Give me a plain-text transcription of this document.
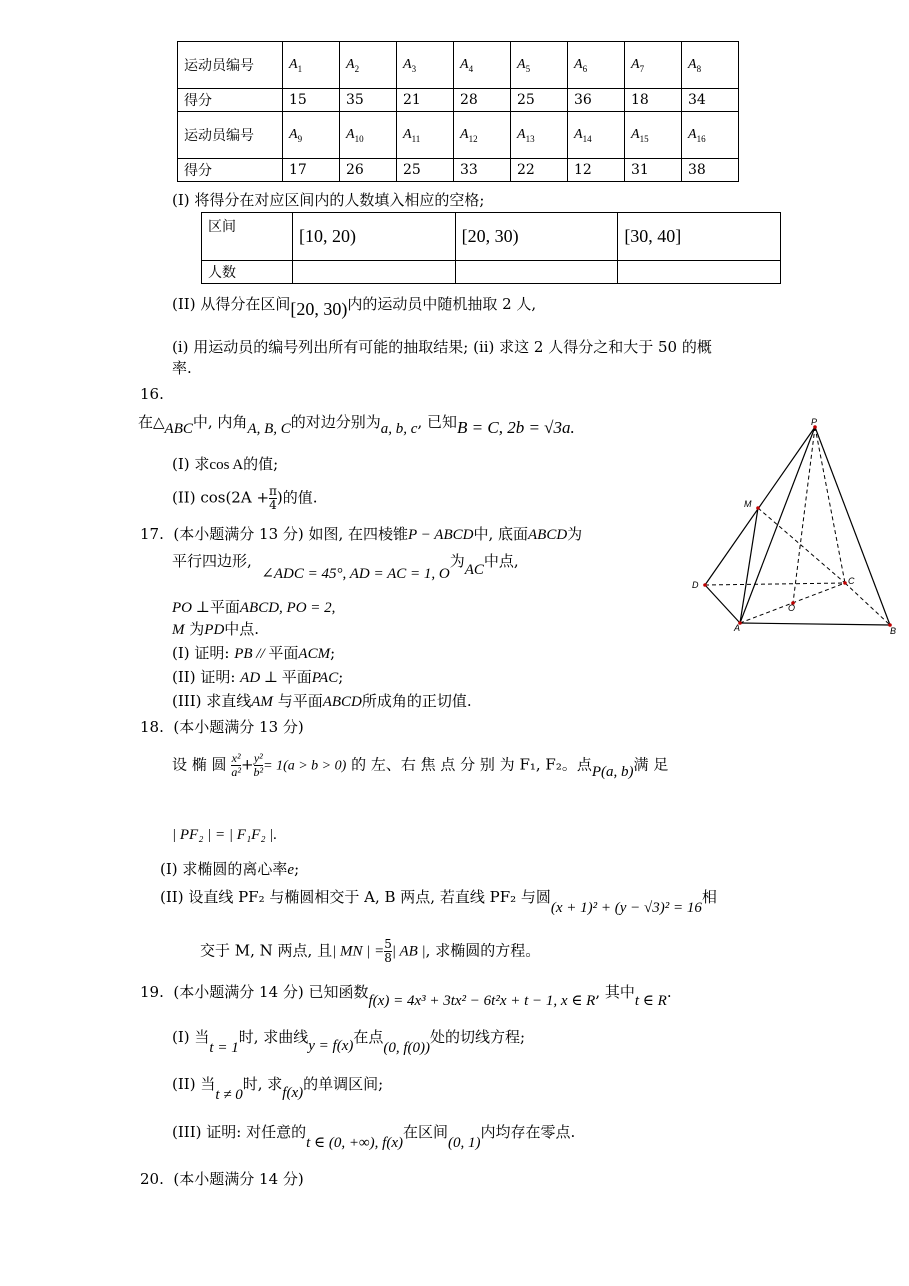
运动员编号	$A_1$	$A_2$	$A_3$	$A_4$	$A_5$	$A_6$	$A_7$	$A_8$
得分	15	35	21	28	25	36	18	34
运动员编号	$A_9$	$A_{10}$	$A_{11}$	$A_{12}$	$A_{13}$	$A_{14}$	$A_{15}$	$A_{16}$
得分	17	26	25	33	22	12	31	38
(I) 将得分在对应区间内的人数填入相应的空格;
区间	[10, 20)	[20, 30)	[30, 40]
人数			
(II) 从得分在区间[20, 30)内的运动员中随机抽取 2 人,
(i) 用运动员的编号列出所有可能的抽取结果; (ii) 求这 2 人得分之和大于 50 的概
率.
16.
在△ABC中, 内角A, B, C的对边分别为a, b, c, 已知B = C, 2b = √3a.
(I) 求cos A的值;
(II) $\cos(2A +\frac{\pi}{4}$ )的值.
17. (本小题满分 13 分) 如图, 在四棱锥P − ABCD中, 底面ABCD为
平行四边形,  ∠ADC = 45°, AD = AC = 1, O为AC中点,
PO ⊥平面ABCD, PO = 2,
M 为PD中点.
(I) 证明: PB // 平面ACM;
(II) 证明: AD ⊥ 平面PAC;
(III) 求直线AM 与平面ABCD所成角的正切值.
P
M
D	C
O
A	B
18. (本小题满分 13 分)
设 椭 圆 $\frac{\text{x²}}{\text{a²}} +\frac{\text{y²}}{\text{b²}} = 1(a > b > 0)$ 的 左、右 焦 点 分 别 为 F₁, F₂。点P(a, b)满 足
| PF₂ | = | F₁F₂ |.
(I) 求椭圆的离心率e;
(II) 设直线 PF₂ 与椭圆相交于 A, B 两点, 若直线 PF₂ 与圆(x + 1)² + (y − √3)² = 16相
交于 M, N 两点, 且| MN | $=\frac{5}{8}$ | AB |, 求椭圆的方程。
19. (本小题满分 14 分) 已知函数f(x) = 4x³ + 3tx² − 6t²x + t − 1, x ∈ R, 其中t ∈ R.
(I) 当t = 1时, 求曲线y = f(x)在点(0, f(0))处的切线方程;
(II) 当t ≠ 0时, 求f(x)的单调区间;
(III) 证明: 对任意的t ∈ (0, +∞), f(x)在区间(0, 1)内均存在零点.
20. (本小题满分 14 分)
